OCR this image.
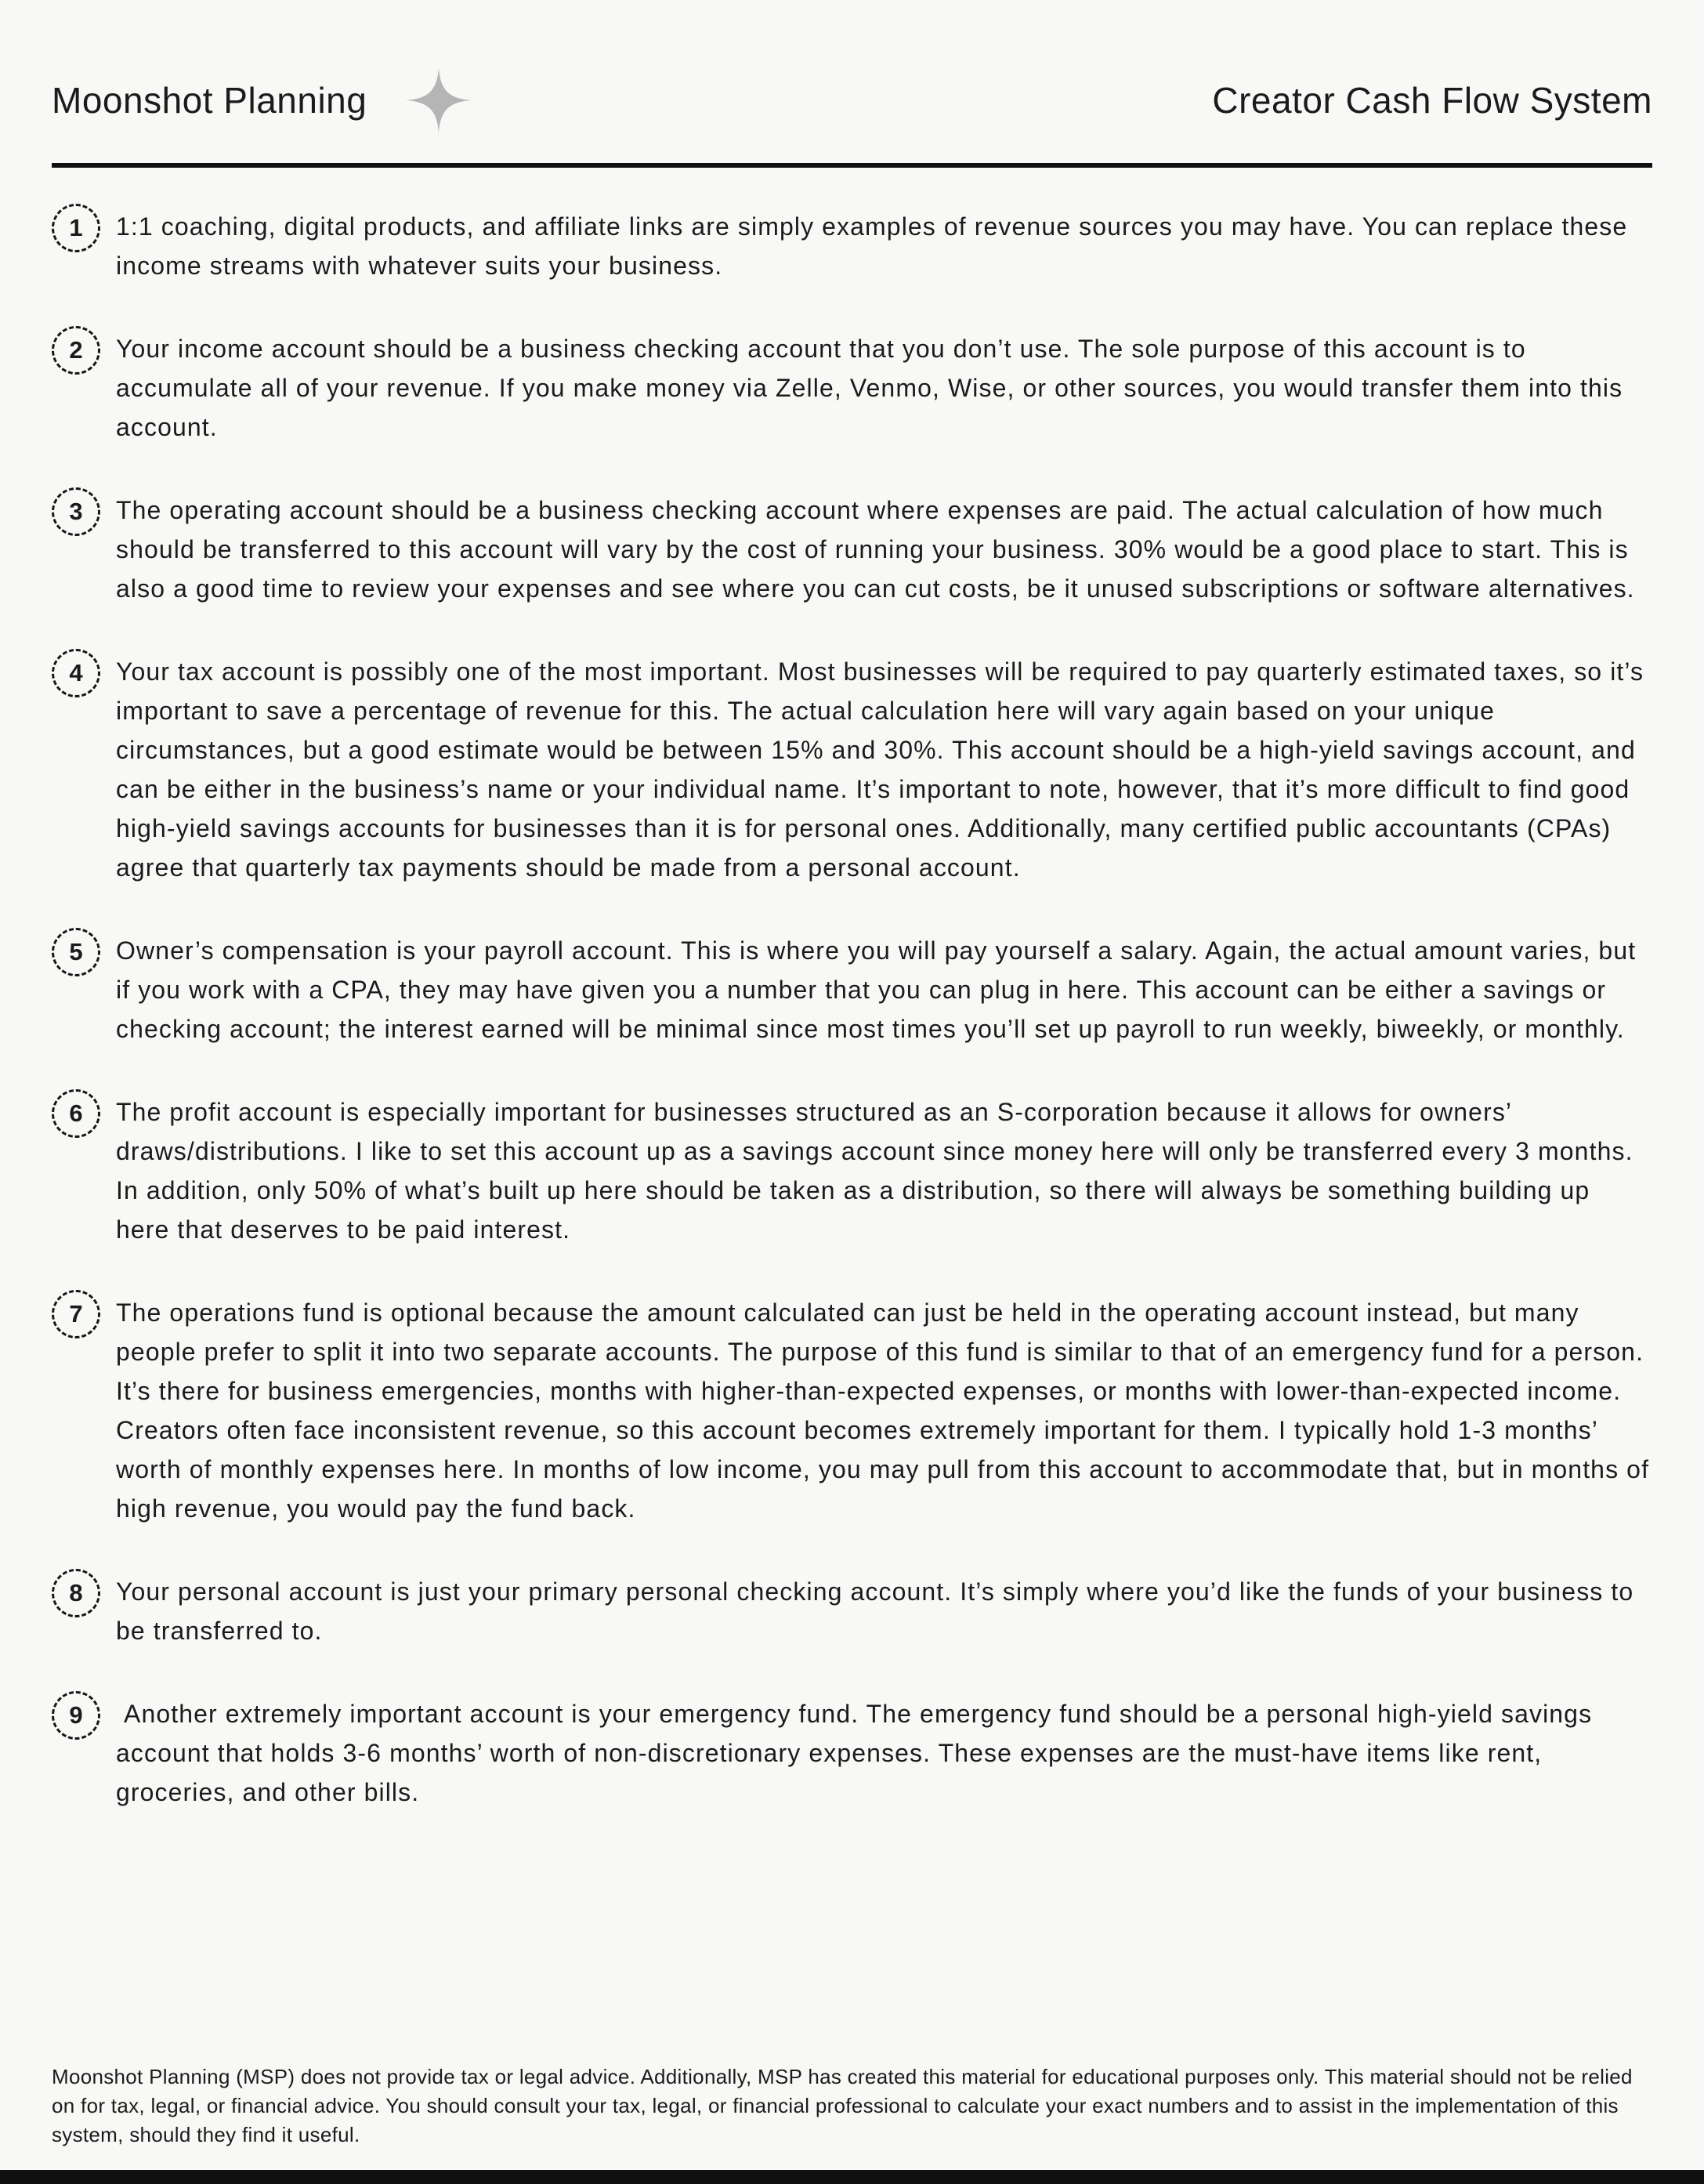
Moonshot Planning	Creator Cash Flow System
1	1:1 coaching, digital products, and affiliate links are simply examples of revenue sources you may have. You can replace these income streams with whatever suits your business.
2	Your income account should be a business checking account that you don’t use. The sole purpose of this account is to accumulate all of your revenue. If you make money via Zelle, Venmo, Wise, or other sources, you would transfer them into this account.
3	The operating account should be a business checking account where expenses are paid. The actual calculation of how much should be transferred to this account will vary by the cost of running your business. 30% would be a good place to start. This is also a good time to review your expenses and see where you can cut costs, be it unused subscriptions or software alternatives.
4	Your tax account is possibly one of the most important. Most businesses will be required to pay quarterly estimated taxes, so it’s important to save a percentage of revenue for this. The actual calculation here will vary again based on your unique circumstances, but a good estimate would be between 15% and 30%. This account should be a high-yield savings account, and can be either in the business’s name or your individual name. It’s important to note, however, that it’s more difficult to find good high-yield savings accounts for businesses than it is for personal ones. Additionally, many certified public accountants (CPAs) agree that quarterly tax payments should be made from a personal account.
5	Owner’s compensation is your payroll account. This is where you will pay yourself a salary. Again, the actual amount varies, but if you work with a CPA, they may have given you a number that you can plug in here. This account can be either a savings or checking account; the interest earned will be minimal since most times you’ll set up payroll to run weekly, biweekly, or monthly.
6	The profit account is especially important for businesses structured as an S-corporation because it allows for owners’ draws/distributions. I like to set this account up as a savings account since money here will only be transferred every 3 months. In addition, only 50% of what’s built up here should be taken as a distribution, so there will always be something building up here that deserves to be paid interest.
7	The operations fund is optional because the amount calculated can just be held in the operating account instead, but many people prefer to split it into two separate accounts. The purpose of this fund is similar to that of an emergency fund for a person. It’s there for business emergencies, months with higher-than-expected expenses, or months with lower-than-expected income. Creators often face inconsistent revenue, so this account becomes extremely important for them. I typically hold 1-3 months’ worth of monthly expenses here. In months of low income, you may pull from this account to accommodate that, but in months of high revenue, you would pay the fund back.
8	Your personal account is just your primary personal checking account. It’s simply where you’d like the funds of your business to be transferred to.
9	Another extremely important account is your emergency fund. The emergency fund should be a personal high-yield savings account that holds 3-6 months’ worth of non-discretionary expenses. These expenses are the must-have items like rent, groceries, and other bills.
Moonshot Planning (MSP) does not provide tax or legal advice. Additionally, MSP has created this material for educational purposes only. This material should not be relied on for tax, legal, or financial advice. You should consult your tax, legal, or financial professional to calculate your exact numbers and to assist in the implementation of this system, should they find it useful.
